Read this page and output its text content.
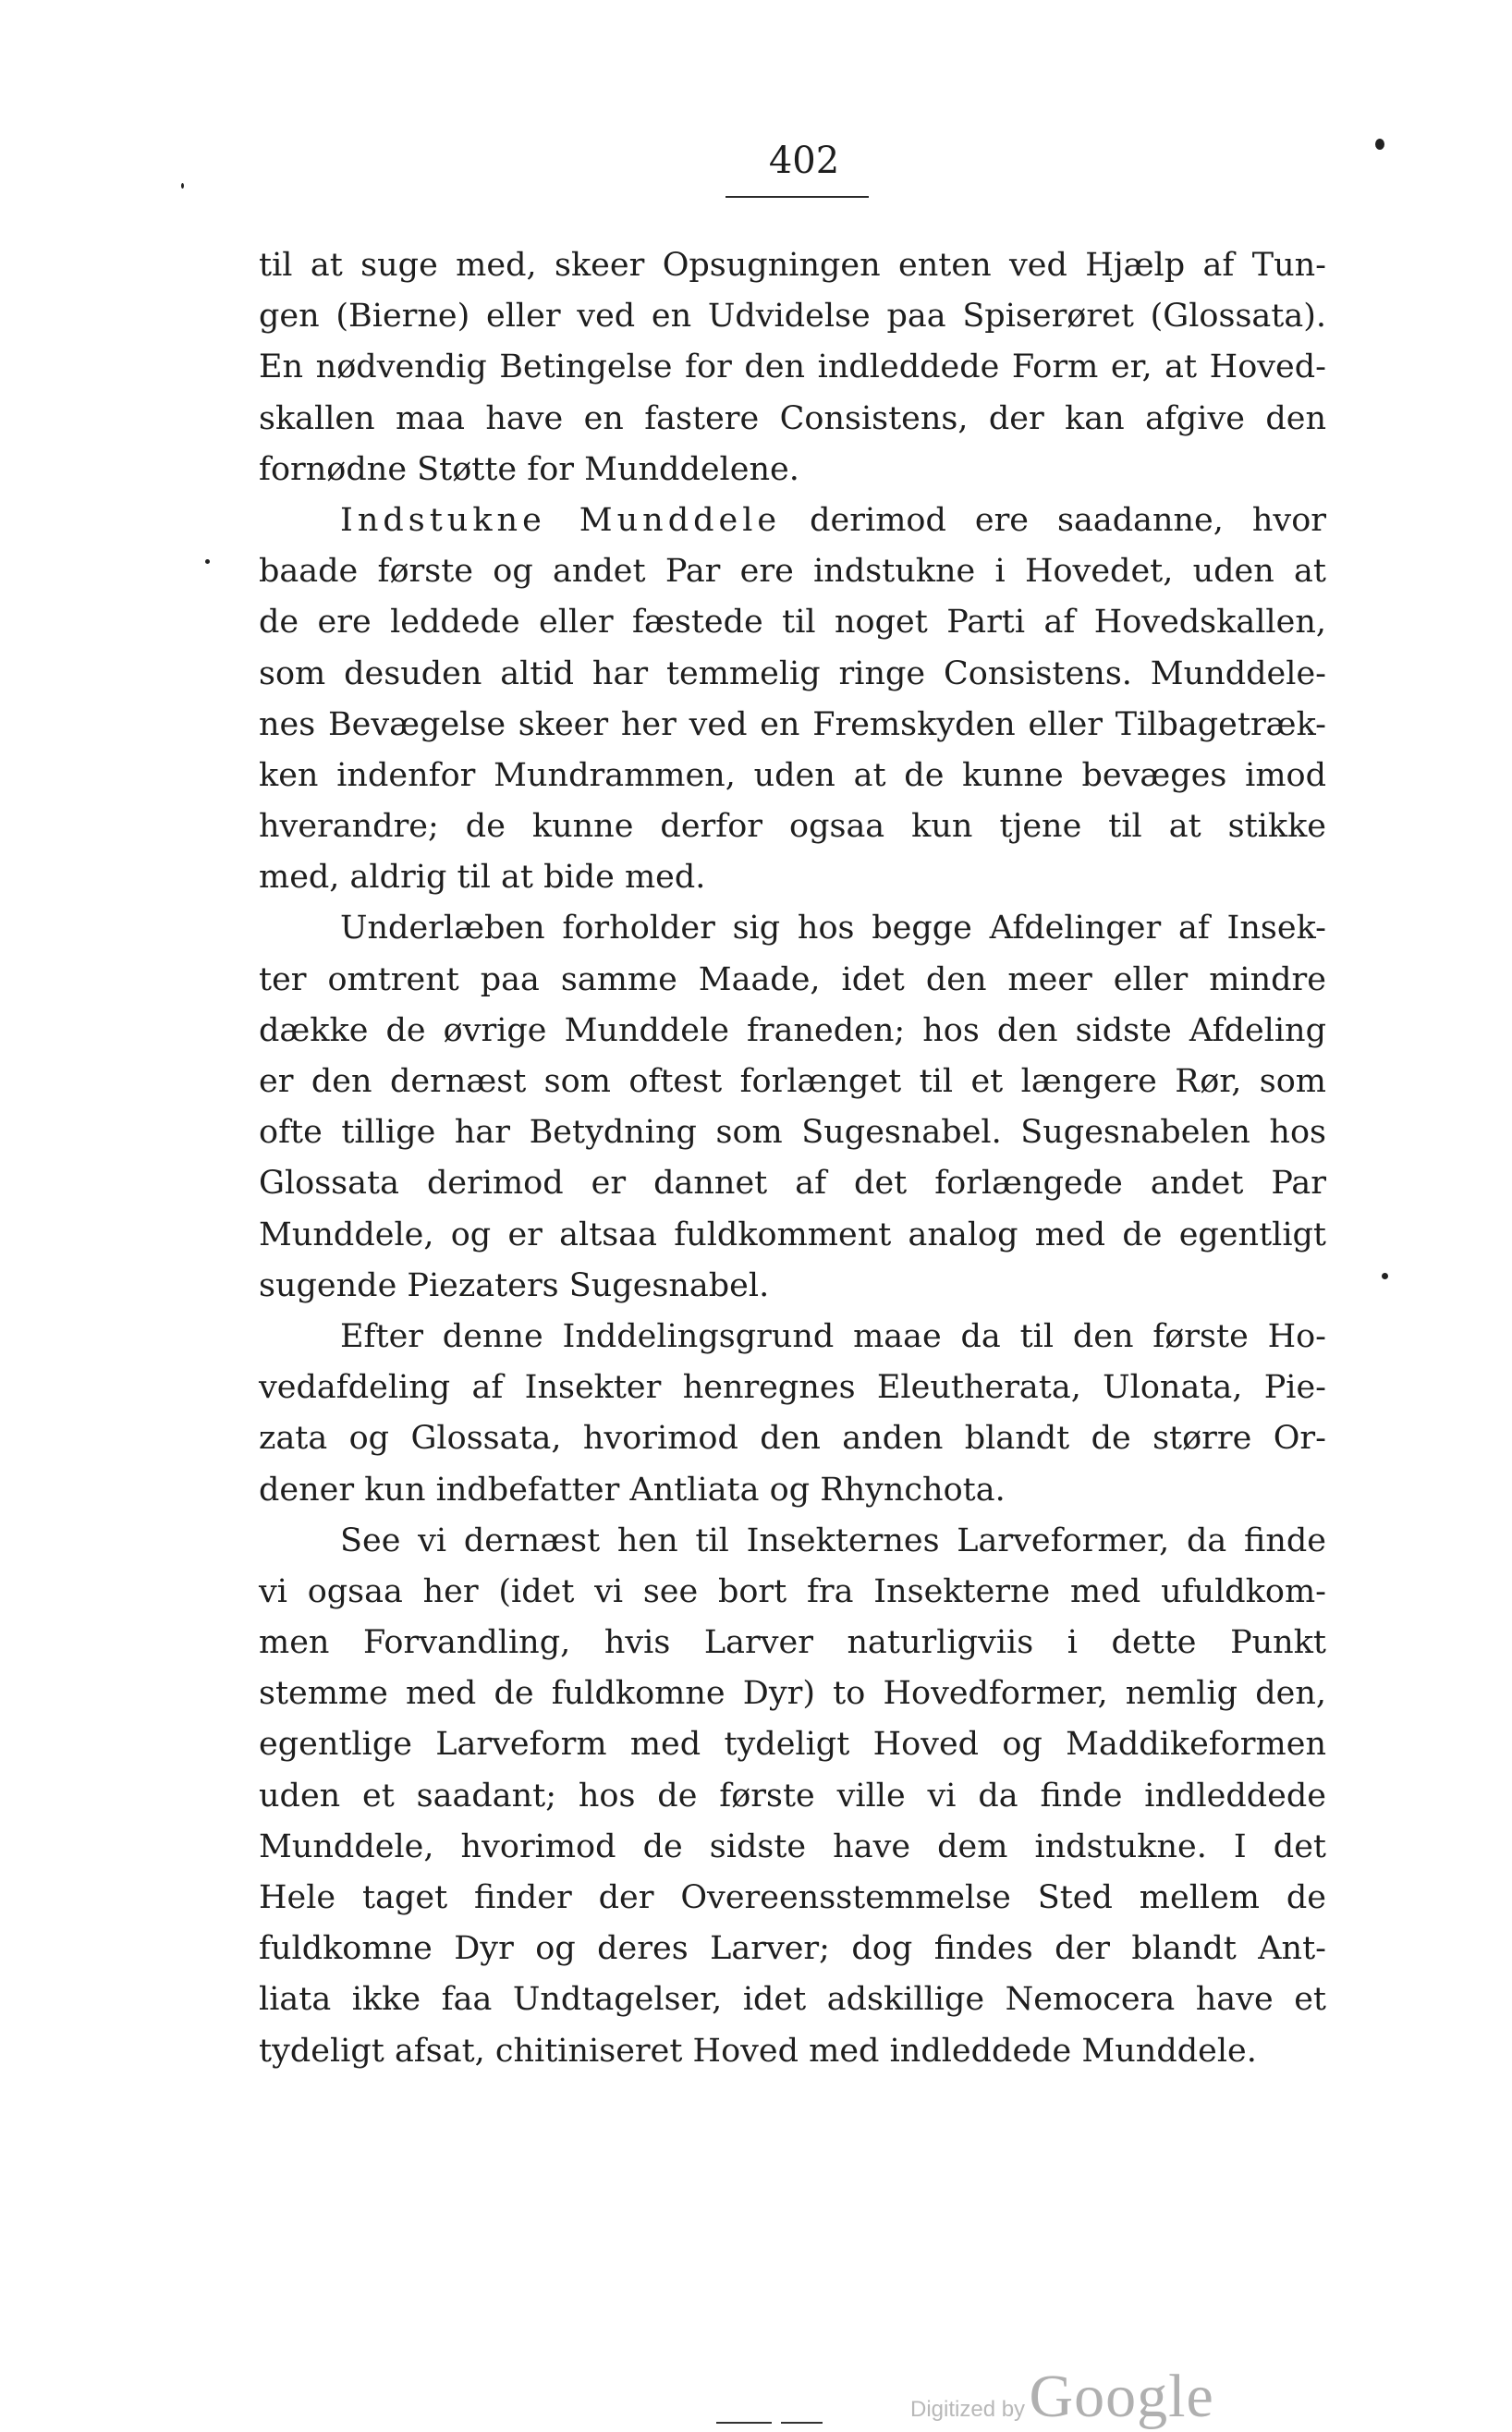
402
til at suge med, skeer Opsugningen enten ved Hjælp af Tun-
gen (Bierne) eller ved en Udvidelse paa Spiserøret (Glossata).
En nødvendig Betingelse for den indleddede Form er, at Hoved-
skallen maa have en fastere Consistens, der kan afgive den
fornødne Støtte for Munddelene.
Indstukne Munddele derimod ere saadanne, hvor
baade første og andet Par ere indstukne i Hovedet, uden at
de ere leddede eller fæstede til noget Parti af Hovedskallen,
som desuden altid har temmelig ringe Consistens. Munddele-
nes Bevægelse skeer her ved en Fremskyden eller Tilbagetræk-
ken indenfor Mundrammen, uden at de kunne bevæges imod
hverandre; de kunne derfor ogsaa kun tjene til at stikke
med, aldrig til at bide med.
Underlæben forholder sig hos begge Afdelinger af Insek-
ter omtrent paa samme Maade, idet den meer eller mindre
dække de øvrige Munddele franeden; hos den sidste Afdeling
er den dernæst som oftest forlænget til et længere Rør, som
ofte tillige har Betydning som Sugesnabel. Sugesnabelen hos
Glossata derimod er dannet af det forlængede andet Par
Munddele, og er altsaa fuldkomment analog med de egentligt
sugende Piezaters Sugesnabel.
Efter denne Inddelingsgrund maae da til den første Ho-
vedafdeling af Insekter henregnes Eleutherata, Ulonata, Pie-
zata og Glossata, hvorimod den anden blandt de større Or-
dener kun indbefatter Antliata og Rhynchota.
See vi dernæst hen til Insekternes Larveformer, da finde
vi ogsaa her (idet vi see bort fra Insekterne med ufuldkom-
men Forvandling, hvis Larver naturligviis i dette Punkt
stemme med de fuldkomne Dyr) to Hovedformer, nemlig den,
egentlige Larveform med tydeligt Hoved og Maddikeformen
uden et saadant; hos de første ville vi da finde indleddede
Munddele, hvorimod de sidste have dem indstukne. I det
Hele taget finder der Overeensstemmelse Sted mellem de
fuldkomne Dyr og deres Larver; dog findes der blandt Ant-
liata ikke faa Undtagelser, idet adskillige Nemocera have et
tydeligt afsat, chitiniseret Hoved med indleddede Munddele.
Digitized by Google
